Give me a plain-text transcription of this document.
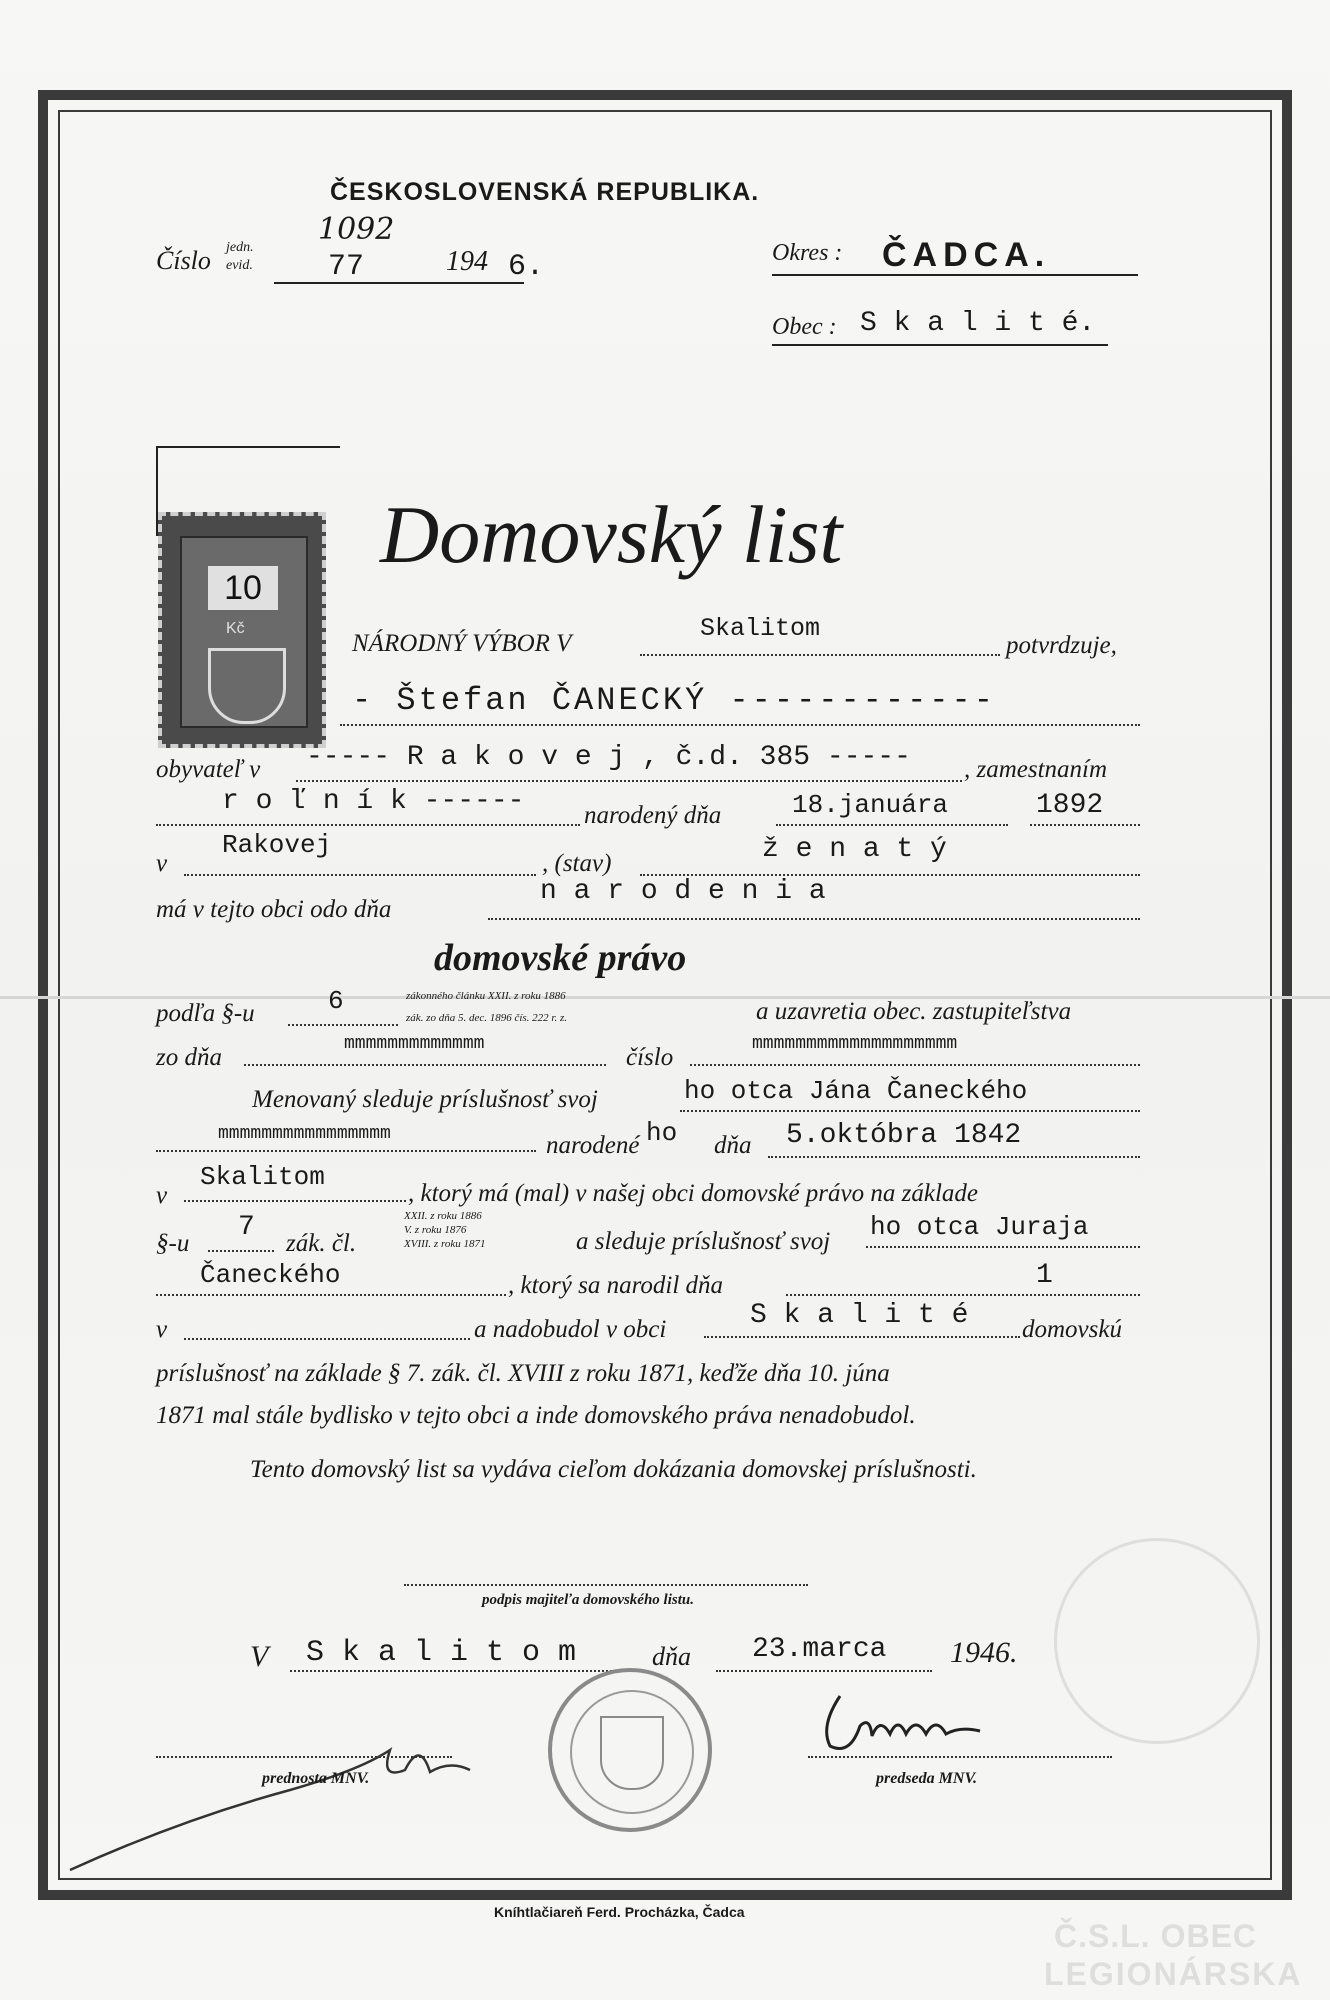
ČESKOSLOVENSKÁ REPUBLIKA.
Číslo jedn.
evid.
1092
77	194 6.	Okres : ČADCA.
Obec : S k a l i t é.
Domovský list
10
Kč
NÁRODNÝ VÝBOR V
Skalitom
potvrdzuje,
- Štefan ČANECKÝ ------------
obyvateľ v ----- R a k o v e j , č.d. 385 ----- , zamestnaním
r o ľ n í k ------ narodený dňa	18.januára	1892
v
Rakovej
, (stav)	ž e n a t ý
má v tejto obci odo dňa
n a r o d e n i a
domovské právo
podľa §-u	6	zákonného článku XXII. z roku 1886
zák. zo dňa 5. dec. 1896 čís. 222 r. z.	a uzavretia obec. zastupiteľstva
zo dňa	mmmmmmmmmmmmm	číslo	mmmmmmmmmmmmmmmmmmm
Menovaný sleduje príslušnosť svoj	ho otca Jána Čaneckého
mmmmmmmmmmmmmmmm	narodené ho dňa 5.októbra 1842
v
Skalitom
, ktorý má (mal) v našej obci domovské právo na základe
§-u
7
zák. čl.
XXII. z roku 1886
V. z roku 1876
XVIII. z roku 1871	a sleduje príslušnosť svoj ho otca Juraja
Čaneckého	, ktorý sa narodil dňa	1
v	a nadobudol v obci	S k a l i t é domovskú
príslušnosť na základe § 7. zák. čl. XVIII z roku 1871, keďže dňa 10. júna
1871 mal stále bydlisko v tejto obci a inde domovského práva nenadobudol.
Tento domovský list sa vydáva cieľom dokázania domovskej príslušnosti.
podpis majiteľa domovského listu.
V S k a l i t o m	dňa 23.marca 1946.
prednosta MNV.	predseda MNV.
Kníhtlačiareň Ferd. Procházka, Čadca
Č.S.L. OBEC
LEGIONÁRSKA
